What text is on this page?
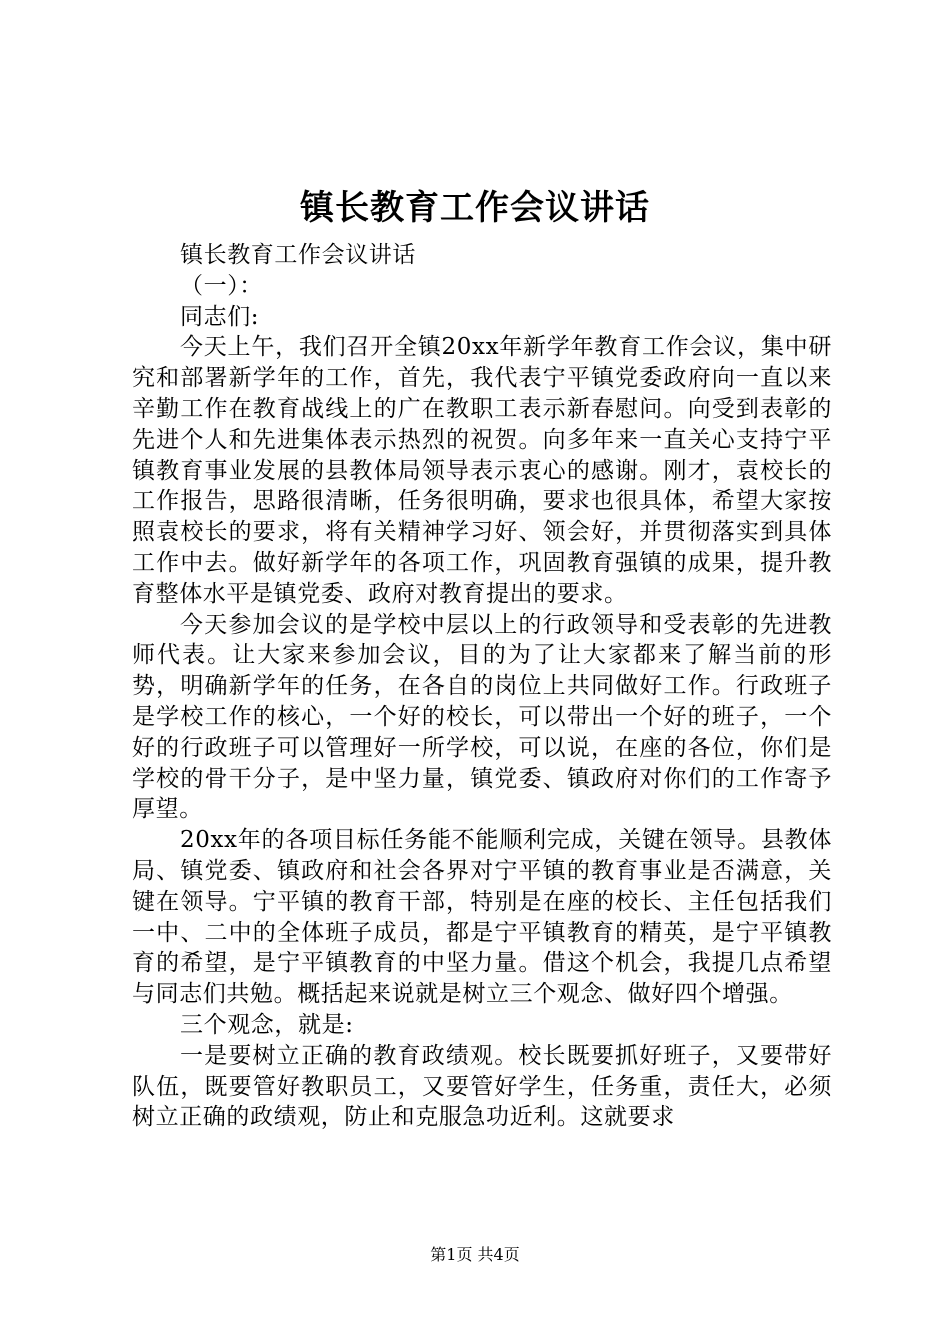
镇长教育工作会议讲话

镇长教育工作会议讲话

（一）：

同志们:

今天上午，我们召开全镇20xx年新学年教育工作会议，集中研究和部署新学年的工作，首先，我代表宁平镇党委政府向一直以来辛勤工作在教育战线上的广在教职工表示新春慰问。向受到表彰的先进个人和先进集体表示热烈的祝贺。向多年来一直关心支持宁平镇教育事业发展的县教体局领导表示衷心的感谢。刚才，袁校长的工作报告，思路很清晰，任务很明确，要求也很具体，希望大家按照袁校长的要求，将有关精神学习好、领会好，并贯彻落实到具体工作中去。做好新学年的各项工作，巩固教育强镇的成果，提升教育整体水平是镇党委、政府对教育提出的要求。

今天参加会议的是学校中层以上的行政领导和受表彰的先进教师代表。让大家来参加会议，目的为了让大家都来了解当前的形势，明确新学年的任务，在各自的岗位上共同做好工作。行政班子是学校工作的核心，一个好的校长，可以带出一个好的班子，一个好的行政班子可以管理好一所学校，可以说，在座的各位，你们是学校的骨干分子，是中坚力量，镇党委、镇政府对你们的工作寄予厚望。

20xx年的各项目标任务能不能顺利完成，关键在领导。县教体局、镇党委、镇政府和社会各界对宁平镇的教育事业是否满意，关键在领导。宁平镇的教育干部，特别是在座的校长、主任包括我们一中、二中的全体班子成员，都是宁平镇教育的精英，是宁平镇教育的希望，是宁平镇教育的中坚力量。借这个机会，我提几点希望与同志们共勉。概括起来说就是树立三个观念、做好四个增强。

三个观念，就是:

一是要树立正确的教育政绩观。校长既要抓好班子，又要带好队伍，既要管好教职员工，又要管好学生，任务重，责任大，必须树立正确的政绩观，防止和克服急功近利。这就要求

第1页 共4页
